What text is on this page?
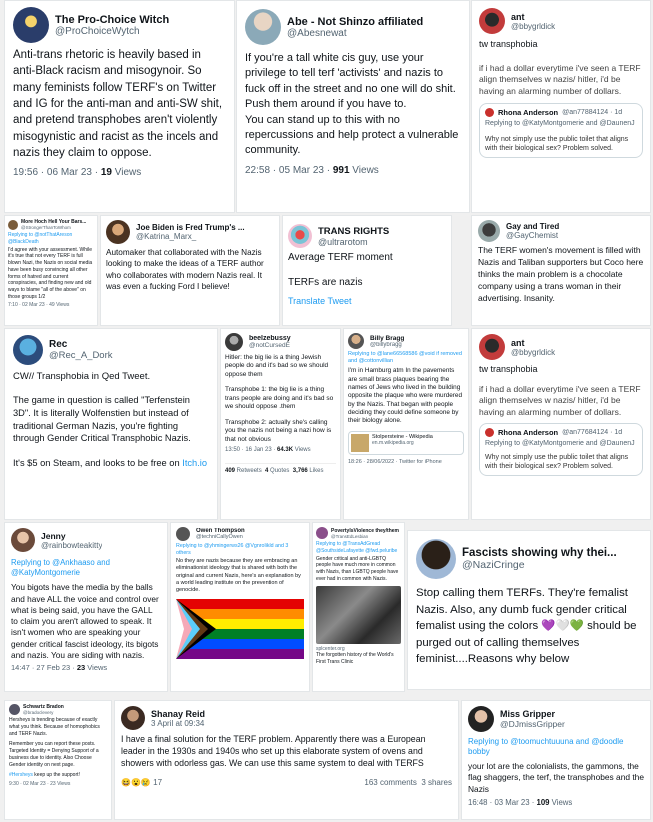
The Pro-Choice Witch
@ProChoiceWytch
Anti-trans rhetoric is heavily based in anti-Black racism and misogynoir. So many feminists follow TERF's on Twitter and IG for the anti-man and anti-SW shit, and pretend transphobes aren't violently misogynistic and racist as the incels and nazis they claim to oppose.
19:56 · 06 Mar 23 · 19 Views
Abe - Not Shinzo affiliated
@Abesnewat
If you're a tall white cis guy, use your privilege to tell terf 'activists' and nazis to fuck off in the street and no one will do shit. Push them around if you have to.
You can stand up to this with no repercussions and help protect a vulnerable community.
22:58 · 05 Mar 23 · 991 Views
ant
@bbygrldick
tw transphobia
if i had a dollar everytime i've seen a TERF align themselves w nazis/ hitler, i'd be having an alarming number of dollars.
Rhona Anderson @an77884124 · 1d
Replying to @KatyMontgomerie and @DaunenJ
Why not simply use the public toilet that aligns with their biological sex? Problem solved.
More Hoch Hell Your Bars...
@StrongerThanToWhom
Replying to @notThatAreson @BlackDeath
I'd agree with your assessment. While it's true that not every TERF is full blown Nazi, the Nazis on social media have been busy convincing all other forms of hatred and current conspiracies, and finding new and old ways to blame "all of the above" on those groups 1/2
7:10 · 02 Mar 23 · 49 Views
Joe Biden is Fred Trump's ...
@Katrina_Marx_
Automaker that collaborated with the Nazis looking to make the ideas of a TERF author who collaborates with modern Nazis real. It was even a fucking Ford I believe!
TRANS RIGHTS
@ultrarotom
Average TERF moment
TERFs are nazis
Translate Tweet
Gay and Tired
@GayChemist
The TERF women's movement is filled with Nazis and Taliban supporters but Coco here thinks the main problem is a chocolate company using a trans woman in their advertising. Insanity.
Rec
@Rec_A_Dork
CW// Transphobia in Qed Tweet.
The game in question is called "Terfenstein 3D". It is literally Wolfenstien but instead of traditional German Nazis, you're fighting through Gender Critical Transphobic Nazis.
It's $5 on Steam, and looks to be free on Itch.io
beelzebussy
@notCursedE
Hitler: the big lie is a thing Jewish people do and it's bad so we should oppose them
Transphobe 1: the big lie is a thing trans people are doing and it's bad so we should oppose .them
Transphobe 2: actually she's calling you the nazis not being a nazi how is that not obvious
13:50 · 16 Jan 23 · 64.3K Views
409 Retweets 4 Quotes 3,766 Likes
Billy Bragg
@billybragg
Replying to @lane66568586 @void if removed and @cottonvillian
I'm in Hamburg atm In the pavements are small brass plaques bearing the names of Jews who lived in the building opposite the plaque who were murdered by the Nazis. That began with people deciding they could define someone by their biology alone.
Stolpersteine - Wikipedia
en.m.wikipedia.org
18:26 · 28/06/2022 · Twitter for iPhone
ant
@bbygrldick
tw transphobia
if i had a dollar everytime i've seen a TERF align themselves w nazis/ hitler, i'd be having an alarming number of dollars.
Rhona Anderson @an77684124 · 1d
Replying to @KatyMontgomerie and @DaunenJ
Why not simply use the public toilet that aligns with their biological sex? Problem solved.
Jenny
@rainbowteakitty
Replying to @Ankhaaso and @KatyMontgomerie
You bigots have the media by the balls and have ALL the voice and control over what is being said, you have the GALL to claim you aren't allowed to speak. It isn't women who are speaking your gender critical fascist ideology, its bigots and nazis. You are siding with nazis.
14:47 · 27 Feb 23 · 23 Views
Owen Thompson
@techniCallyOwen
Replying to @yhmingerws26 @Vgnrolikld and 3 others
No they are nazis because they are embracing an eliminationist ideology that is shared with both the original and current Nazis, here's an explanation by a world leading institute on the prevention of genocide.
PovertyIsViolence they/them
@TransEdLesbian
Replying to @TransAdGread @SouthsideLafayette @fwd.peluribe
Gender critical and anti-LGBTQ people have much more in common with Nazis, than LGBTQ people have ever had in common with Nazis.
splcenter.org
The forgotten history of the World's First Trans Clinic
Fascists showing why thei...
@NaziCringe
Stop calling them TERFs. They're femalist Nazis. Also, any dumb fuck gender critical femalist using the colors 💜🤍💚 should be purged out of calling themselves feminist....Reasons why below
Schwartz Bradon
@bradoclevery
Hersheys is trending because of exactly what you think. Because of homophobics and TERF Nazis.
Remember you can report these posts. Targeted Identity = Denying Support of a business due to identity. Also Choose Gender identity on next page.
#Hersheys keep up the support!
9:30 · 02 Mar 23 · 23 Views
Shanay Reid
3 April at 09:34
I have a final solution for the TERF problem. Apparently there was a European leader in the 1930s and 1940s who set up this elaborate system of ovens and showers with odorless gas. We can use this same system to deal with TERFS
😆😮😢 17	163 comments 3 shares
Miss Gripper
@DJmissGripper
Replying to @toomuchtuuuna and @doodle bobby
your lot are the colonialists, the gammons, the flag shaggers, the terf, the transphobes and the Nazis
16:48 · 03 Mar 23 · 109 Views
